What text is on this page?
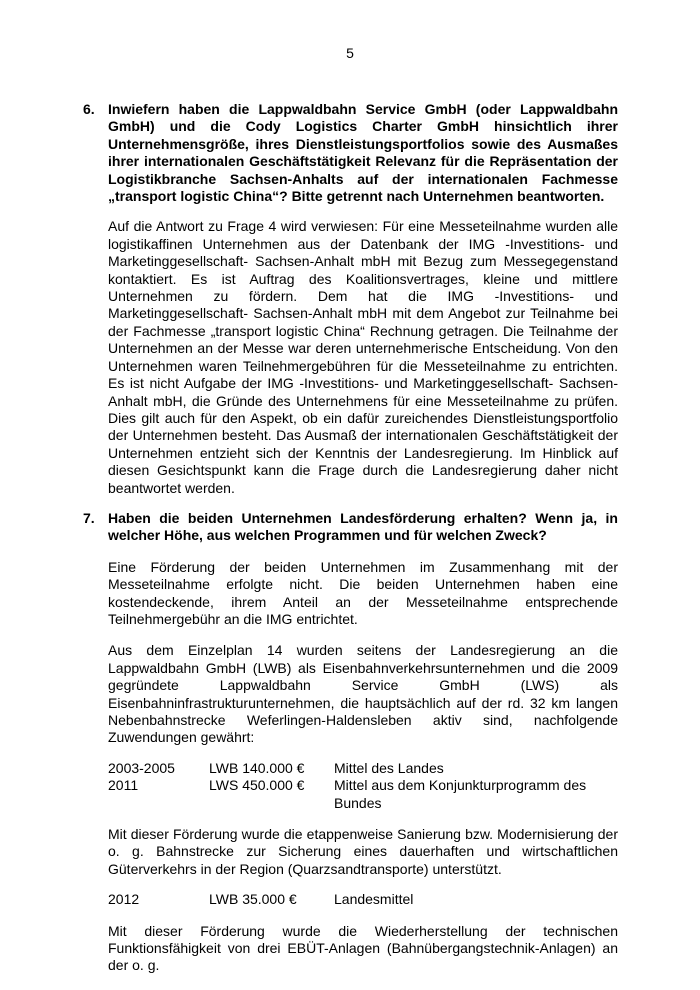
5
6. Inwiefern haben die Lappwaldbahn Service GmbH (oder Lappwaldbahn GmbH) und die Cody Logistics Charter GmbH hinsichtlich ihrer Unternehmensgröße, ihres Dienstleistungsportfolios sowie des Ausmaßes ihrer internationalen Geschäftstätigkeit Relevanz für die Repräsentation der Logistikbranche Sachsen-Anhalts auf der internationalen Fachmesse „transport logistic China“? Bitte getrennt nach Unternehmen beantworten.
Auf die Antwort zu Frage 4 wird verwiesen: Für eine Messeteilnahme wurden alle logistikaffinen Unternehmen aus der Datenbank der IMG -Investitions- und Marketinggesellschaft- Sachsen-Anhalt mbH mit Bezug zum Messegegenstand kontaktiert. Es ist Auftrag des Koalitionsvertrages, kleine und mittlere Unternehmen zu fördern. Dem hat die IMG -Investitions- und Marketinggesellschaft- Sachsen-Anhalt mbH mit dem Angebot zur Teilnahme bei der Fachmesse „transport logistic China“ Rechnung getragen. Die Teilnahme der Unternehmen an der Messe war deren unternehmerische Entscheidung. Von den Unternehmen waren Teilnehmergebühren für die Messeteilnahme zu entrichten. Es ist nicht Aufgabe der IMG -Investitions- und Marketinggesellschaft- Sachsen-Anhalt mbH, die Gründe des Unternehmens für eine Messeteilnahme zu prüfen. Dies gilt auch für den Aspekt, ob ein dafür zureichendes Dienstleistungsportfolio der Unternehmen besteht. Das Ausmaß der internationalen Geschäftstätigkeit der Unternehmen entzieht sich der Kenntnis der Landesregierung. Im Hinblick auf diesen Gesichtspunkt kann die Frage durch die Landesregierung daher nicht beantwortet werden.
7. Haben die beiden Unternehmen Landesförderung erhalten? Wenn ja, in welcher Höhe, aus welchen Programmen und für welchen Zweck?
Eine Förderung der beiden Unternehmen im Zusammenhang mit der Messeteilnahme erfolgte nicht. Die beiden Unternehmen haben eine kostendeckende, ihrem Anteil an der Messeteilnahme entsprechende Teilnehmergebühr an die IMG entrichtet.
Aus dem Einzelplan 14 wurden seitens der Landesregierung an die Lappwaldbahn GmbH (LWB) als Eisenbahnverkehrsunternehmen und die 2009 gegründete Lappwaldbahn Service GmbH (LWS) als Eisenbahninfrastrukturunternehmen, die hauptsächlich auf der rd. 32 km langen Nebenbahnstrecke Weferlingen-Haldensleben aktiv sind, nachfolgende Zuwendungen gewährt:
2003-2005	LWB 140.000 €	Mittel des Landes
2011	LWS 450.000 €	Mittel aus dem Konjunkturprogramm des Bundes
Mit dieser Förderung wurde die etappenweise Sanierung bzw. Modernisierung der o. g. Bahnstrecke zur Sicherung eines dauerhaften und wirtschaftlichen Güterverkehrs in der Region (Quarzsandtransporte) unterstützt.
2012	LWB 35.000 €	Landesmittel
Mit dieser Förderung wurde die Wiederherstellung der technischen Funktionsfähigkeit von drei EBÜT-Anlagen (Bahnübergangstechnik-Anlagen) an der o. g.
